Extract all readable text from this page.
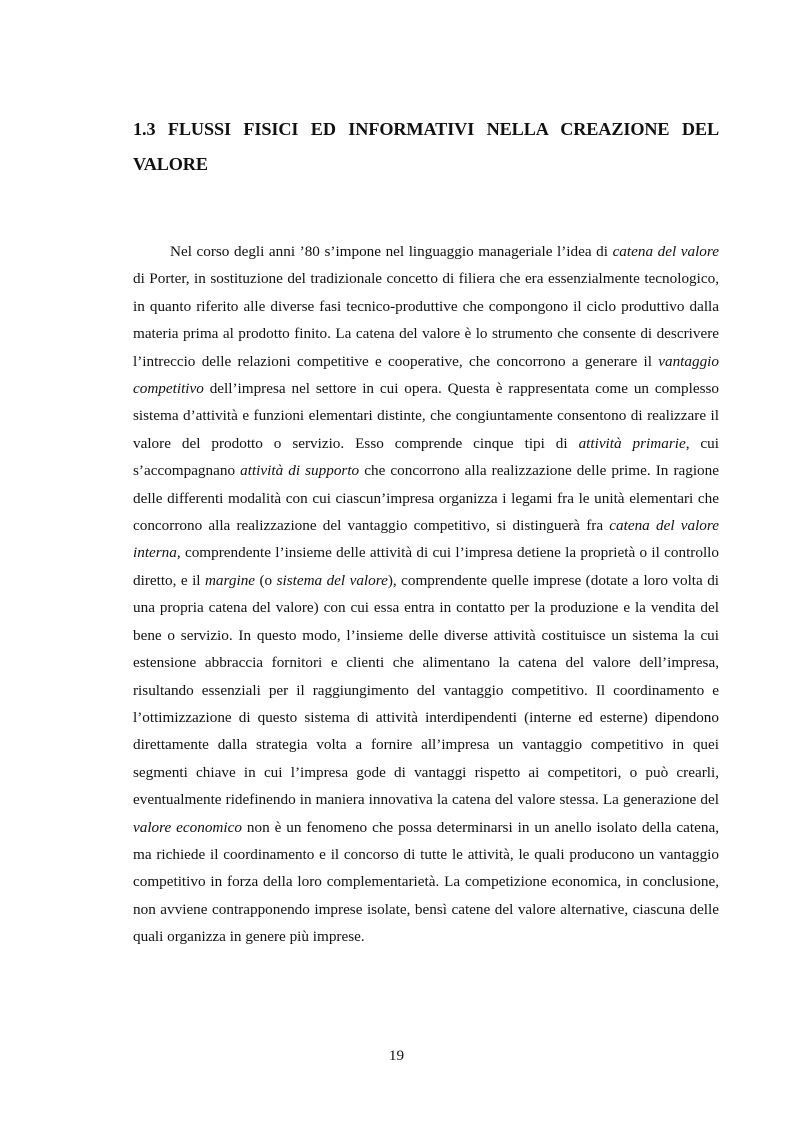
1.3 FLUSSI FISICI ED INFORMATIVI NELLA CREAZIONE DEL VALORE

Nel corso degli anni ’80 s’impone nel linguaggio manageriale l’idea di catena del valore di Porter, in sostituzione del tradizionale concetto di filiera che era essenzialmente tecnologico, in quanto riferito alle diverse fasi tecnico-produttive che compongono il ciclo produttivo dalla materia prima al prodotto finito. La catena del valore è lo strumento che consente di descrivere l’intreccio delle relazioni competitive e cooperative, che concorrono a generare il vantaggio competitivo dell’impresa nel settore in cui opera. Questa è rappresentata come un complesso sistema d’attività e funzioni elementari distinte, che congiuntamente consentono di realizzare il valore del prodotto o servizio. Esso comprende cinque tipi di attività primarie, cui s’accompagnano attività di supporto che concorrono alla realizzazione delle prime. In ragione delle differenti modalità con cui ciascun’impresa organizza i legami fra le unità elementari che concorrono alla realizzazione del vantaggio competitivo, si distinguerà fra catena del valore interna, comprendente l’insieme delle attività di cui l’impresa detiene la proprietà o il controllo diretto, e il margine (o sistema del valore), comprendente quelle imprese (dotate a loro volta di una propria catena del valore) con cui essa entra in contatto per la produzione e la vendita del bene o servizio. In questo modo, l’insieme delle diverse attività costituisce un sistema la cui estensione abbraccia fornitori e clienti che alimentano la catena del valore dell’impresa, risultando essenziali per il raggiungimento del vantaggio competitivo. Il coordinamento e l’ottimizzazione di questo sistema di attività interdipendenti (interne ed esterne) dipendono direttamente dalla strategia volta a fornire all’impresa un vantaggio competitivo in quei segmenti chiave in cui l’impresa gode di vantaggi rispetto ai competitori, o può crearli, eventualmente ridefinendo in maniera innovativa la catena del valore stessa. La generazione del valore economico non è un fenomeno che possa determinarsi in un anello isolato della catena, ma richiede il coordinamento e il concorso di tutte le attività, le quali producono un vantaggio competitivo in forza della loro complementarietà. La competizione economica, in conclusione, non avviene contrapponendo imprese isolate, bensì catene del valore alternative, ciascuna delle quali organizza in genere più imprese.

19
